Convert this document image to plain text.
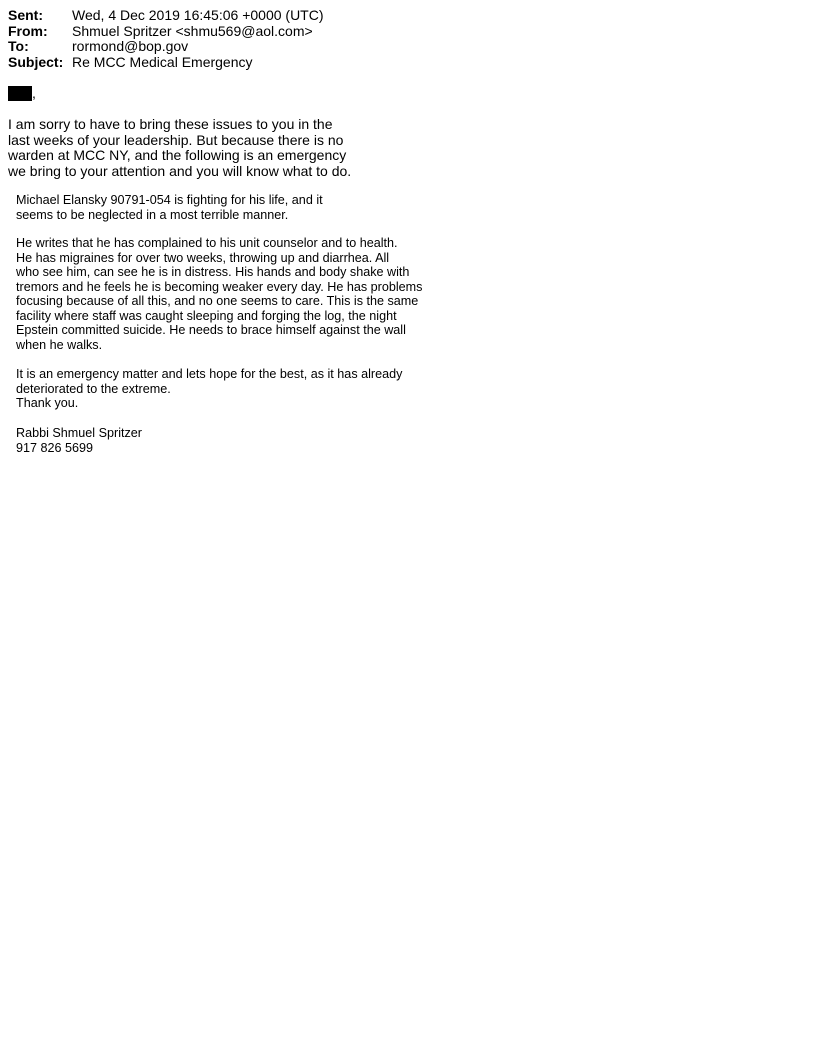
Sent:	Wed, 4 Dec 2019 16:45:06 +0000 (UTC)
From:	Shmuel Spritzer <shmu569@aol.com>
To:	rormond@bop.gov
Subject: Re MCC Medical Emergency
,
I am sorry to have to bring these issues to you in the
last weeks of your leadership. But because there is no
warden at MCC NY, and the following is an emergency
we bring to your attention and you will know what to do.
Michael Elansky 90791-054 is fighting for his life, and it
seems to be neglected in a most terrible manner.
He writes that he has complained to his unit counselor and to health.
He has migraines for over two weeks, throwing up and diarrhea. All
who see him, can see he is in distress. His hands and body shake with
tremors and he feels he is becoming weaker every day. He has problems
focusing because of all this, and no one seems to care. This is the same
facility where staff was caught sleeping and forging the log, the night
Epstein committed suicide. He needs to brace himself against the wall
when he walks.
It is an emergency matter and lets hope for the best, as it has already
deteriorated to the extreme.
Thank you.
Rabbi Shmuel Spritzer
917 826 5699
